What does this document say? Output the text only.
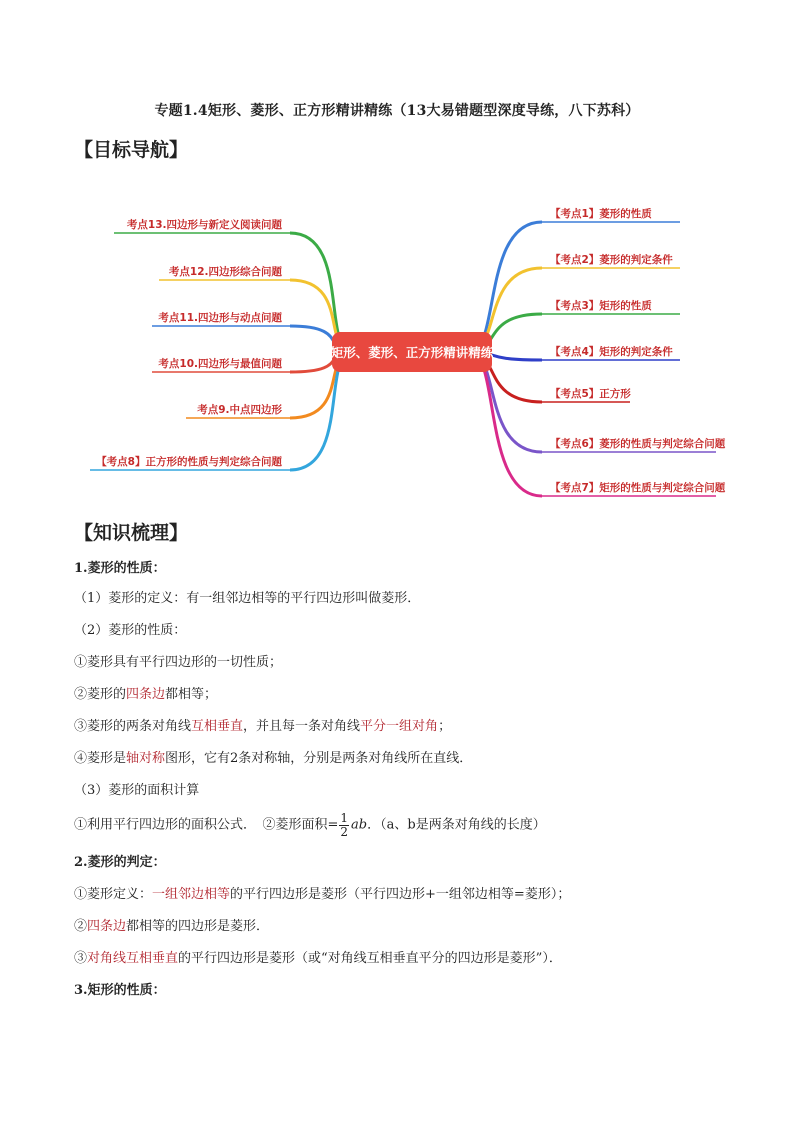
专题1.4矩形、菱形、正方形精讲精练（13大易错题型深度导练，八下苏科）
【目标导航】
【考点1】菱形的性质
【考点2】菱形的判定条件
【考点3】矩形的性质
【考点4】矩形的判定条件
【考点5】正方形
【考点6】菱形的性质与判定综合问题
【考点7】矩形的性质与判定综合问题
考点13.四边形与新定义阅读问题
考点12.四边形综合问题
考点11.四边形与动点问题
考点10.四边形与最值问题
考点9.中点四边形
【考点8】正方形的性质与判定综合问题
矩形、菱形、正方形精讲精练
【知识梳理】
1.菱形的性质：
（1）菱形的定义：有一组邻边相等的平行四边形叫做菱形．
（2）菱形的性质：
①菱形具有平行四边形的一切性质；
②菱形的四条边都相等；
③菱形的两条对角线互相垂直，并且每一条对角线平分一组对角；
④菱形是轴对称图形，它有2条对称轴，分别是两条对角线所在直线．
（3）菱形的面积计算
①利用平行四边形的面积公式．　②菱形面积= $\frac{1}{2}$ ab．（a、b是两条对角线的长度）
2.菱形的判定：
①菱形定义：一组邻边相等的平行四边形是菱形（平行四边形+一组邻边相等=菱形）；
②四条边都相等的四边形是菱形．
③对角线互相垂直的平行四边形是菱形（或“对角线互相垂直平分的四边形是菱形”）．
3.矩形的性质：
